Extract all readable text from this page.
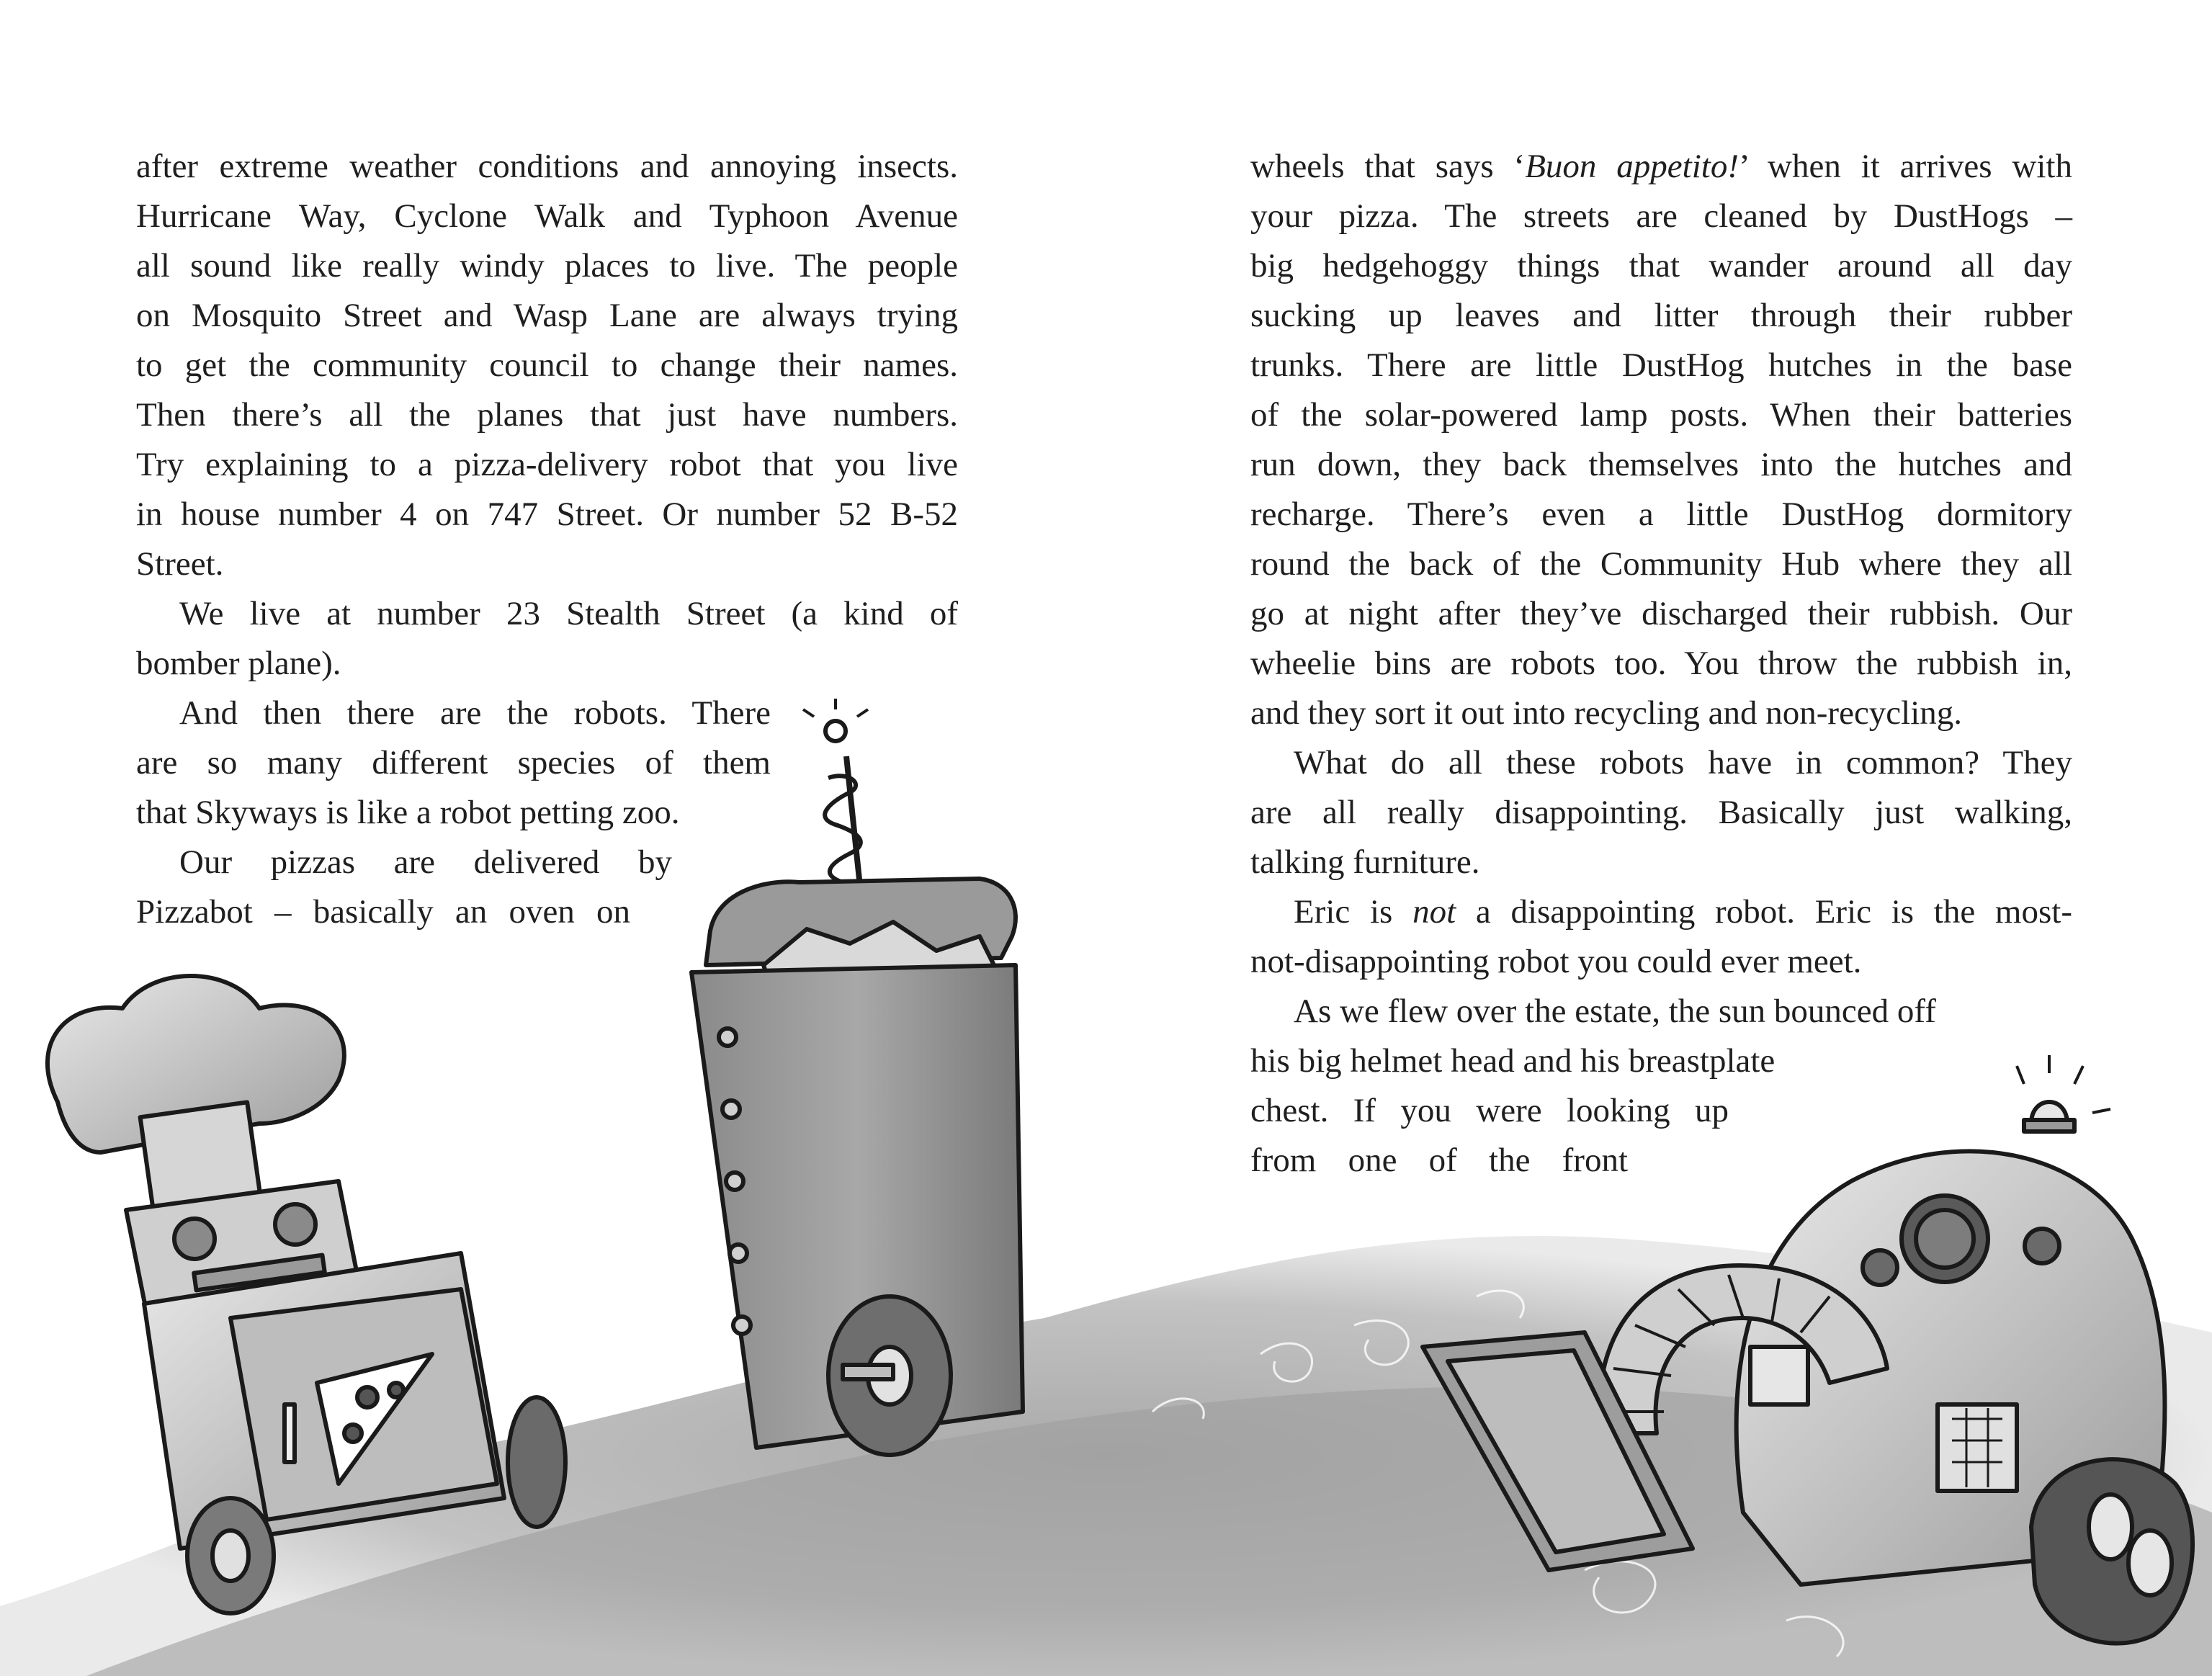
after extreme weather conditions and annoying insects.
Hurricane Way, Cyclone Walk and Typhoon Avenue
all sound like really windy places to live. The people
on Mosquito Street and Wasp Lane are always trying
to get the community council to change their names.
Then there’s all the planes that just have numbers.
Try explaining to a pizza-delivery robot that you live
in house number 4 on 747 Street. Or number 52 B-52
Street.
We live at number 23 Stealth Street (a kind of
bomber plane).
And then there are the robots. There
are so many different species of them
that Skyways is like a robot petting zoo.
Our pizzas are delivered by
Pizzabot – basically an oven on
wheels that says ‘Buon appetito!’ when it arrives with
your pizza. The streets are cleaned by DustHogs –
big hedgehoggy things that wander around all day
sucking up leaves and litter through their rubber
trunks. There are little DustHog hutches in the base
of the solar-powered lamp posts. When their batteries
run down, they back themselves into the hutches and
recharge. There’s even a little DustHog dormitory
round the back of the Community Hub where they all
go at night after they’ve discharged their rubbish. Our
wheelie bins are robots too. You throw the rubbish in,
and they sort it out into recycling and non-recycling.
What do all these robots have in common? They
are all really disappointing. Basically just walking,
talking furniture.
Eric is not a disappointing robot. Eric is the most-
not-disappointing robot you could ever meet.
As we flew over the estate, the sun bounced off
his big helmet head and his breastplate
chest. If you were looking up
from one of the front
